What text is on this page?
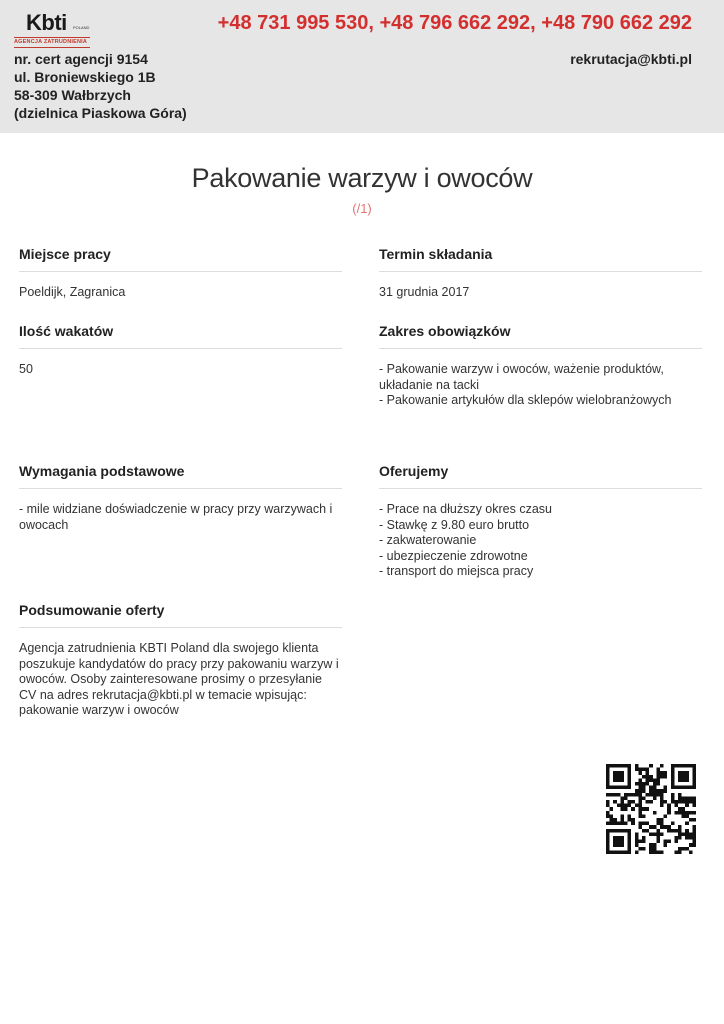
Kbti POLAND
AGENCJA ZATRUDNIENIA
+48 731 995 530, +48 796 662 292, +48 790 662 292
rekrutacja@kbti.pl
nr. cert agencji 9154
ul. Broniewskiego 1B
58-309 Wałbrzych
(dzielnica Piaskowa Góra)
Pakowanie warzyw i owoców
(/1)
Miejsce pracy
Poeldijk, Zagranica
Termin składania
31 grudnia 2017
Ilość wakatów
50
Zakres obowiązków
- Pakowanie warzyw i owoców, ważenie produktów, układanie na tacki
- Pakowanie artykułów dla sklepów wielobranżowych
Wymagania podstawowe
- mile widziane doświadczenie w pracy przy warzywach i owocach
Oferujemy
- Prace na dłuższy okres czasu
- Stawkę z 9.80 euro brutto
- zakwaterowanie
- ubezpieczenie zdrowotne
- transport do miejsca pracy
Podsumowanie oferty
Agencja zatrudnienia KBTI Poland dla swojego klienta poszukuje kandydatów do pracy przy pakowaniu warzyw i owoców. Osoby zainteresowane prosimy o przesyłanie CV na adres rekrutacja@kbti.pl w temacie wpisując: pakowanie warzyw i owoców
